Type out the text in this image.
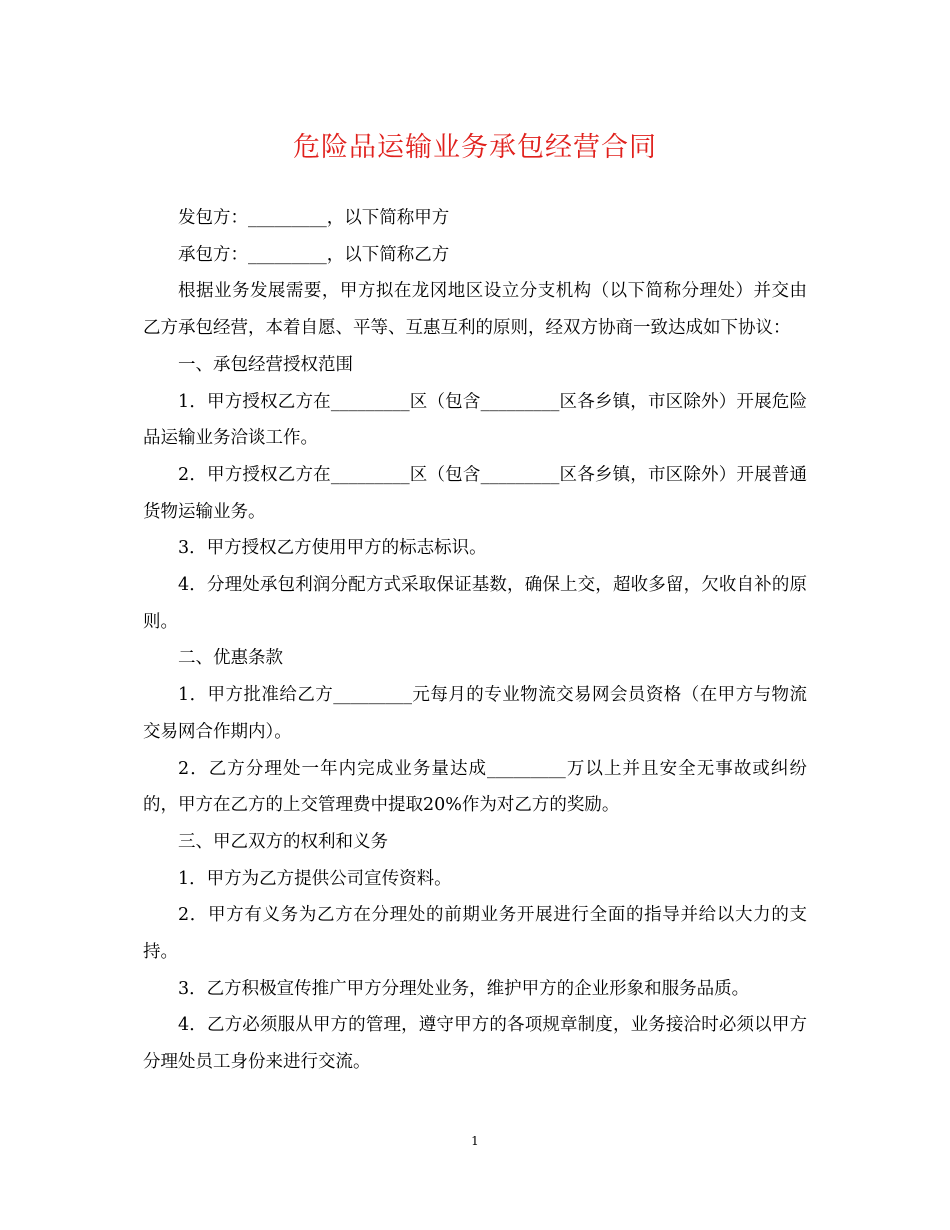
危险品运输业务承包经营合同

发包方：_________，以下简称甲方

承包方：_________，以下简称乙方

根据业务发展需要，甲方拟在龙冈地区设立分支机构（以下简称分理处）并交由乙方承包经营，本着自愿、平等、互惠互利的原则，经双方协商一致达成如下协议：

一、承包经营授权范围

1．甲方授权乙方在_________区（包含_________区各乡镇，市区除外）开展危险品运输业务洽谈工作。

2．甲方授权乙方在_________区（包含_________区各乡镇，市区除外）开展普通货物运输业务。

3．甲方授权乙方使用甲方的标志标识。

4．分理处承包利润分配方式采取保证基数，确保上交，超收多留，欠收自补的原则。

二、优惠条款

1．甲方批准给乙方_________元每月的专业物流交易网会员资格（在甲方与物流交易网合作期内）。

2．乙方分理处一年内完成业务量达成_________万以上并且安全无事故或纠纷的，甲方在乙方的上交管理费中提取20%作为对乙方的奖励。

三、甲乙双方的权利和义务

1．甲方为乙方提供公司宣传资料。

2．甲方有义务为乙方在分理处的前期业务开展进行全面的指导并给以大力的支持。

3．乙方积极宣传推广甲方分理处业务，维护甲方的企业形象和服务品质。

4．乙方必须服从甲方的管理，遵守甲方的各项规章制度，业务接洽时必须以甲方分理处员工身份来进行交流。

1
